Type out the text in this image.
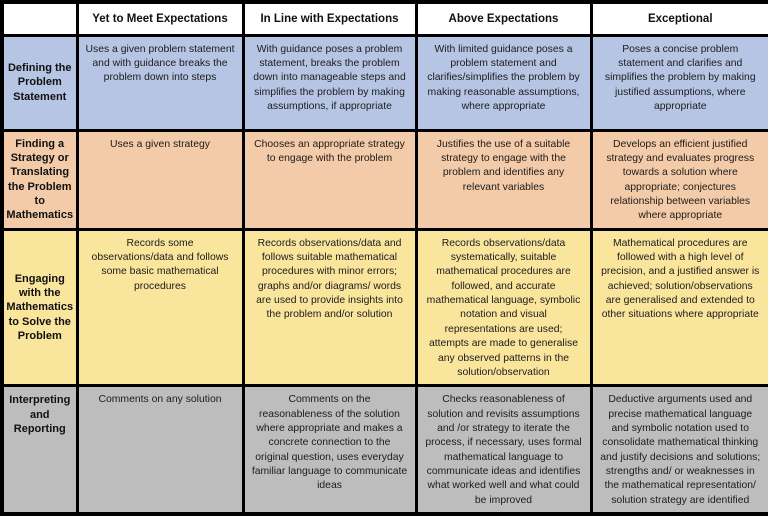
	Yet to Meet Expectations	In Line with Expectations	Above Expectations	Exceptional
Defining the Problem Statement	Uses a given problem statement and with guidance breaks the problem down into steps	With guidance poses a problem statement, breaks the problem down into manageable steps and simplifies the problem by making assumptions, if appropriate	With limited guidance poses a problem statement and clarifies/simplifies the problem by making reasonable assumptions, where appropriate	Poses a concise problem statement and clarifies and simplifies the problem by making justified assumptions, where appropriate
Finding a Strategy or Translating the Problem to Mathematics	Uses a given strategy	Chooses an appropriate strategy to engage with the problem	Justifies the use of a suitable strategy to engage with the problem and identifies any relevant variables	Develops an efficient justified strategy and evaluates progress towards a solution where appropriate; conjectures relationship between variables where appropriate
Engaging with the Mathematics to Solve the Problem	Records some observations/data and follows some basic mathematical procedures	Records observations/data and follows suitable mathematical procedures with minor errors; graphs and/or diagrams/ words are used to provide insights into the problem and/or solution	Records observations/data systematically, suitable mathematical procedures are followed, and accurate mathematical language, symbolic notation and visual representations are used; attempts are made to generalise any observed patterns in the solution/observation	Mathematical procedures are followed with a high level of precision, and a justified answer is achieved; solution/observations are generalised and extended to other situations where appropriate
Interpreting and Reporting	Comments on any solution	Comments on the reasonableness of the solution where appropriate and makes a concrete connection to the original question, uses everyday familiar language to communicate ideas	Checks reasonableness of solution and revisits assumptions and /or strategy to iterate the process, if necessary, uses formal mathematical language to communicate ideas and identifies what worked well and what could be improved	Deductive arguments used and precise mathematical language and symbolic notation used to consolidate mathematical thinking and justify decisions and solutions; strengths and/ or weaknesses in the mathematical representation/ solution strategy are identified
